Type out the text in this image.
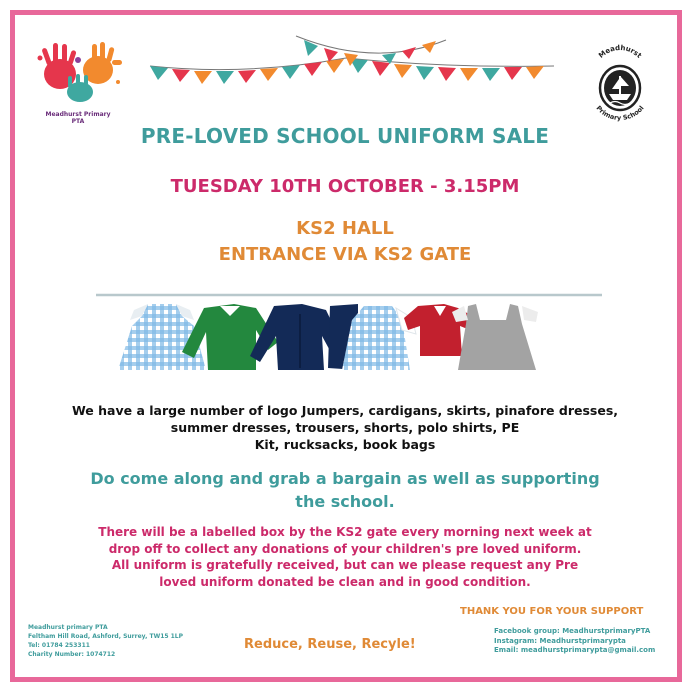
Meadhurst Primary
PTA
Meadhurst
Primary School
PRE-LOVED SCHOOL UNIFORM SALE
TUESDAY 10TH OCTOBER - 3.15PM
KS2 HALL
ENTRANCE VIA KS2 GATE
We have a large number of logo Jumpers, cardigans, skirts, pinafore dresses,
summer dresses, trousers, shorts, polo shirts, PE
Kit, rucksacks, book bags
Do come along and grab a bargain as well as supporting
the school.
There will be a labelled box by the KS2 gate every morning next week at
drop off to collect any donations of your children's pre loved uniform.
All uniform is gratefully received, but can we please request any Pre
loved uniform donated be clean and in good condition.
Meadhurst primary PTA
Feltham Hill Road, Ashford, Surrey, TW15 1LP
Tel: 01784 253311
Charity Number: 1074712
Reduce, Reuse, Recyle!
THANK YOU FOR YOUR SUPPORT
Facebook group: MeadhurstprimaryPTA
Instagram: Meadhurstprimarypta
Email: meadhurstprimarypta@gmail.com
